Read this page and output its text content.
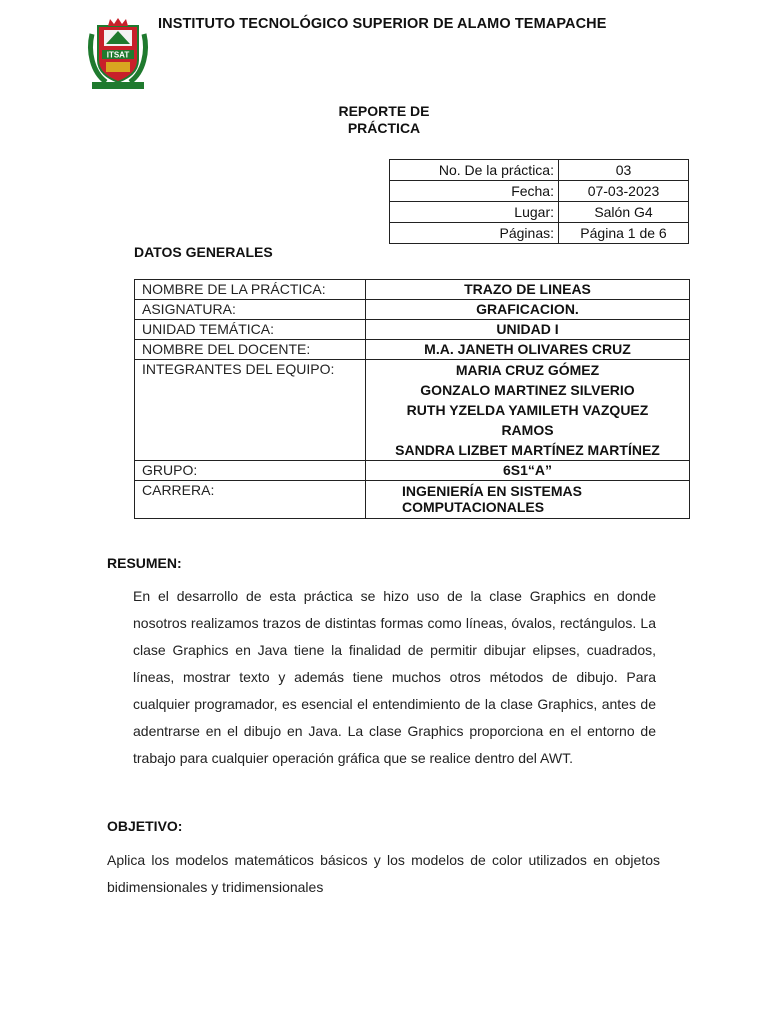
ITSAT
INSTITUTO TECNOLÓGICO SUPERIOR DE ALAMO TEMAPACHE
REPORTE DE
PRÁCTICA
No. De la práctica:	03
Fecha:	07-03-2023
Lugar:	Salón G4
Páginas:	Página 1 de 6
DATOS GENERALES
NOMBRE DE LA PRÁCTICA:	TRAZO DE LINEAS
ASIGNATURA:	GRAFICACION.
UNIDAD TEMÁTICA:	UNIDAD I
NOMBRE DEL DOCENTE:	M.A. JANETH OLIVARES CRUZ
INTEGRANTES DEL EQUIPO:	MARIA CRUZ GÓMEZ
GONZALO MARTINEZ SILVERIO
RUTH YZELDA YAMILETH VAZQUEZ
RAMOS
SANDRA LIZBET MARTÍNEZ MARTÍNEZ

GRUPO:	6S1“A”
CARRERA:	INGENIERÍA EN SISTEMAS
COMPUTACIONALES
RESUMEN:
En el desarrollo de esta práctica se hizo uso de la clase Graphics en donde nosotros realizamos trazos de distintas formas como líneas, óvalos, rectángulos. La clase Graphics en Java tiene la finalidad de permitir dibujar elipses, cuadrados, líneas, mostrar texto y además tiene muchos otros métodos de dibujo. Para cualquier programador, es esencial el entendimiento de la clase Graphics, antes de adentrarse en el dibujo en Java. La clase Graphics proporciona en el entorno de trabajo para cualquier operación gráfica que se realice dentro del AWT.
OBJETIVO:
Aplica los modelos matemáticos básicos y los modelos de color utilizados en objetos bidimensionales y tridimensionales
